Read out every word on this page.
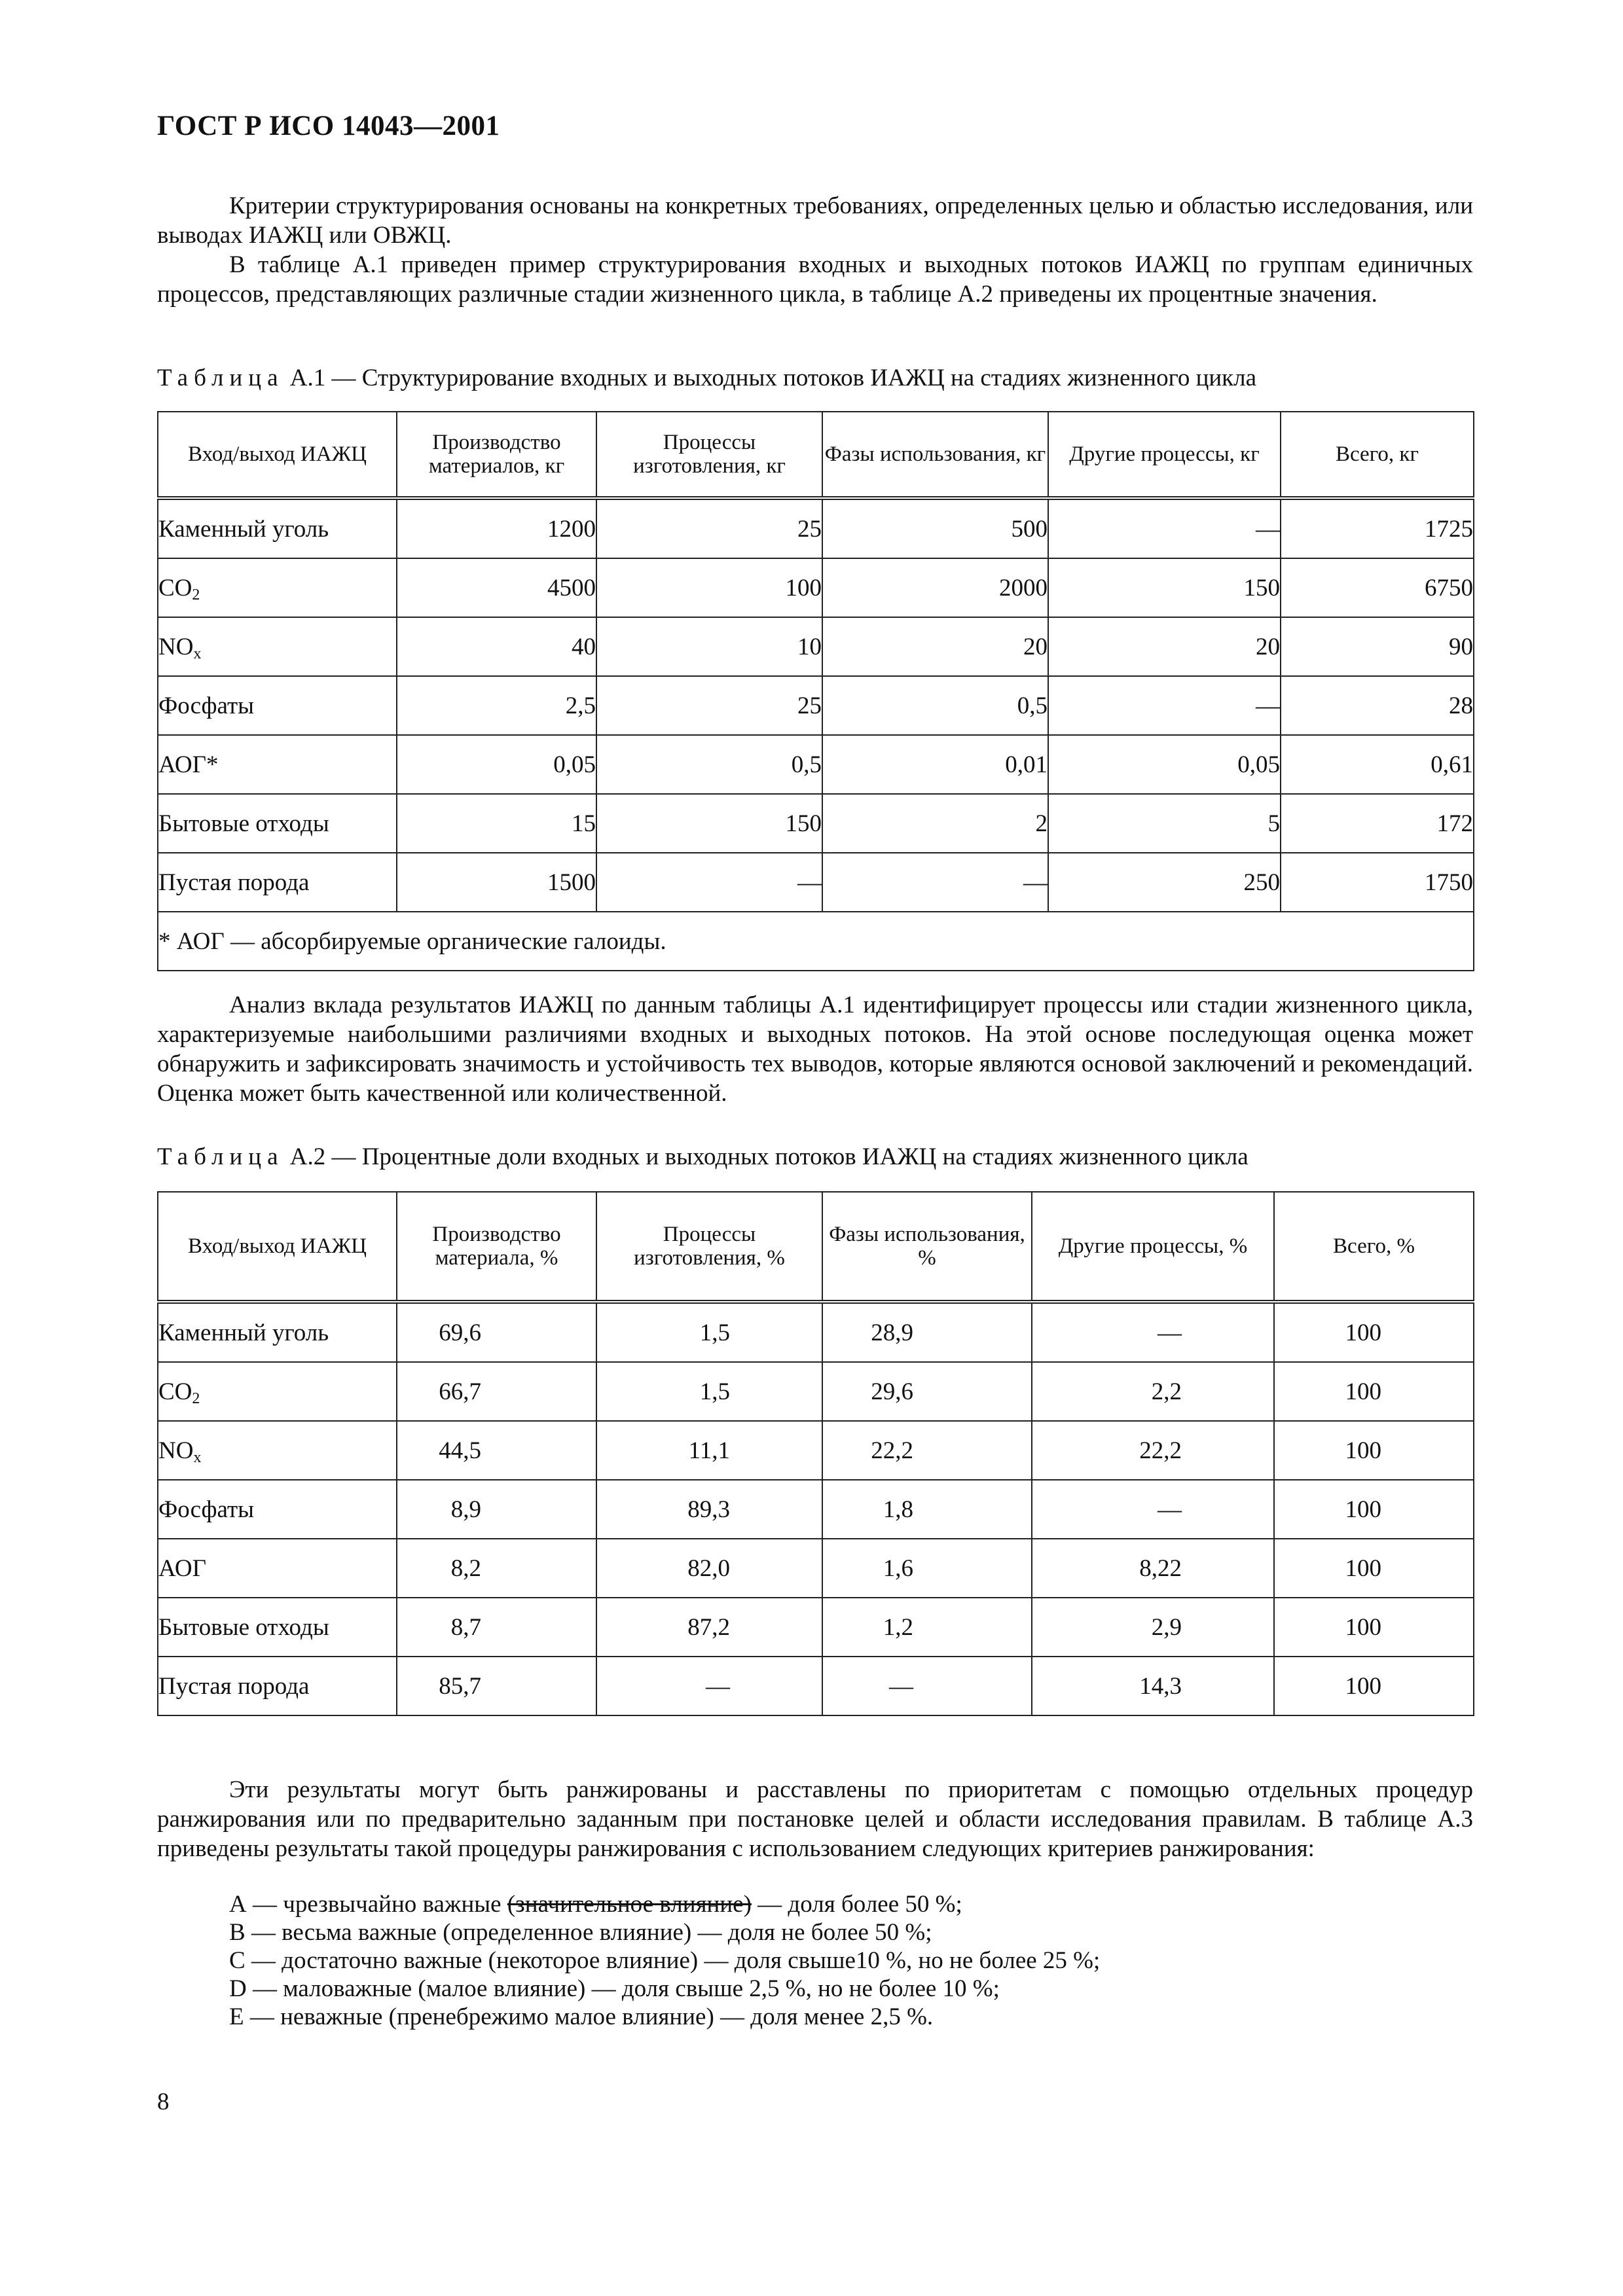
ГОСТ Р ИСО 14043—2001

Критерии структурирования основаны на конкретных требованиях, определенных целью и областью исследования, или выводах ИАЖЦ или ОВЖЦ.

В таблице А.1 приведен пример структурирования входных и выходных потоков ИАЖЦ по группам единичных процессов, представляющих различные стадии жизненного цикла, в таблице А.2 приведены их процентные значения.

Таблица А.1 — Структурирование входных и выходных потоков ИАЖЦ на стадиях жизненного цикла
Вход/выход ИАЖЦ	Производство материалов, кг	Процессы изготовления, кг	Фазы использования, кг	Другие процессы, кг	Всего, кг
Каменный уголь	1200	25	500	—	1725
$CO_2$	4500	100	2000	150	6750
$NO_x$	40	10	20	20	90
Фосфаты	2,5	25	0,5	—	28
АОГ*	0,05	0,5	0,01	0,05	0,61
Бытовые отходы	15	150	2	5	172
Пустая порода	1500	—	—	250	1750
* АОГ — абсорбируемые органические галоиды.					

Анализ вклада результатов ИАЖЦ по данным таблицы А.1 идентифицирует процессы или стадии жизненного цикла, характеризуемые наибольшими различиями входных и выходных потоков. На этой основе последующая оценка может обнаружить и зафиксировать значимость и устойчивость тех выводов, которые являются основой заключений и рекомендаций. Оценка может быть качественной или количественной.

Таблица А.2 — Процентные доли входных и выходных потоков ИАЖЦ на стадиях жизненного цикла
Вход/выход ИАЖЦ	Производство материала, %	Процессы изготовления, %	Фазы использования, %	Другие процессы, %	Всего, %
Каменный уголь	69,6	1,5	28,9	—	100
$CO_2$	66,7	1,5	29,6	2,2	100
$NO_x$	44,5	11,1	22,2	22,2	100
Фосфаты	8,9	89,3	1,8	—	100
АОГ	8,2	82,0	1,6	8,22	100
Бытовые отходы	8,7	87,2	1,2	2,9	100
Пустая порода	85,7	—	—	14,3	100

Эти результаты могут быть ранжированы и расставлены по приоритетам с помощью отдельных процедур ранжирования или по предварительно заданным при постановке целей и области исследования правилам. В таблице А.3 приведены результаты такой процедуры ранжирования с использованием следующих критериев ранжирования:

А — чрезвычайно важные (значительное влияние) — доля более 50 %;
В — весьма важные (определенное влияние) — доля не более 50 %;
С — достаточно важные (некоторое влияние) — доля свыше10 %, но не более 25 %;
D — маловажные (малое влияние) — доля свыше 2,5 %, но не более 10 %;
Е — неважные (пренебрежимо малое влияние) — доля менее 2,5 %.
8
